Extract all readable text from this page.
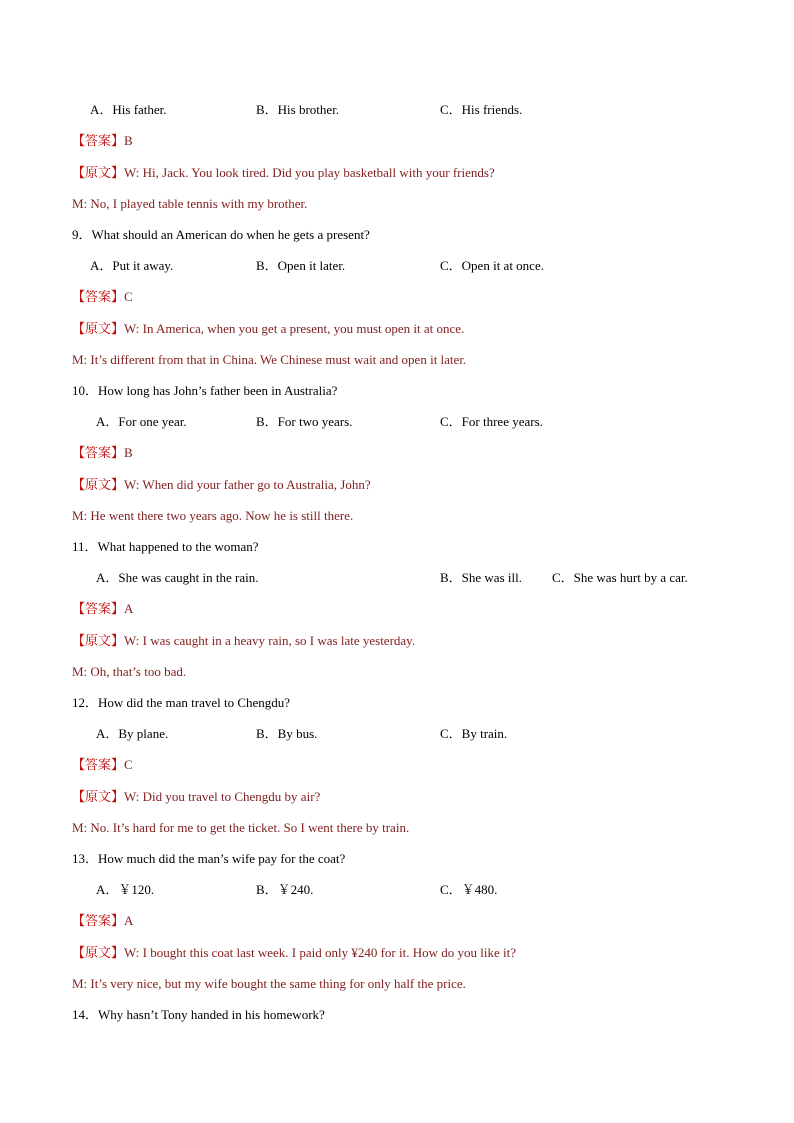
A．His father.	B．His brother.	C．His friends.
【答案】B
【原文】W: Hi, Jack. You look tired. Did you play basketball with your friends?
M: No, I played table tennis with my brother.
9．What should an American do when he gets a present?
A．Put it away.	B．Open it later.	C．Open it at once.
【答案】C
【原文】W: In America, when you get a present, you must open it at once.
M: It’s different from that in China. We Chinese must wait and open it later.
10．How long has John’s father been in Australia?
A．For one year.	B．For two years.	C．For three years.
【答案】B
【原文】W: When did your father go to Australia, John?
M: He went there two years ago. Now he is still there.
11．What happened to the woman?
A．She was caught in the rain.	B．She was ill. C．She was hurt by a car.
【答案】A
【原文】W: I was caught in a heavy rain, so I was late yesterday.
M: Oh, that’s too bad.
12．How did the man travel to Chengdu?
A．By plane.	B．By bus.	C．By train.
【答案】C
【原文】W: Did you travel to Chengdu by air?
M: No. It’s hard for me to get the ticket. So I went there by train.
13．How much did the man’s wife pay for the coat?
A．￥120.	B．￥240.	C．￥480.
【答案】A
【原文】W: I bought this coat last week. I paid only ¥240 for it. How do you like it?
M: It’s very nice, but my wife bought the same thing for only half the price.
14．Why hasn’t Tony handed in his homework?
